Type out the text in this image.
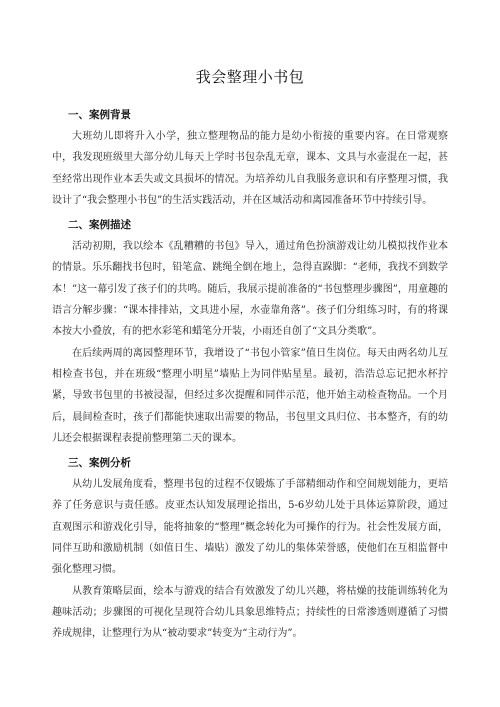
我会整理小书包
一、案例背景

大班幼儿即将升入小学，独立整理物品的能力是幼小衔接的重要内容。在日常观察中，我发现班级里大部分幼儿每天上学时书包杂乱无章，课本、文具与水壶混在一起，甚至经常出现作业本丢失或文具损坏的情况。为培养幼儿自我服务意识和有序整理习惯，我设计了“我会整理小书包”的生活实践活动，并在区域活动和离园准备环节中持续引导。

二、案例描述

活动初期，我以绘本《乱糟糟的书包》导入，通过角色扮演游戏让幼儿模拟找作业本的情景。乐乐翻找书包时，铅笔盒、跳绳全倒在地上，急得直跺脚：“老师，我找不到数学本！”这一幕引发了孩子们的共鸣。随后，我展示提前准备的“书包整理步骤图”，用童趣的语言分解步骤：“课本排排站，文具进小屋，水壶靠角落”。孩子们分组练习时，有的将课本按大小叠放，有的把水彩笔和蜡笔分开装，小雨还自创了“文具分类歌”。

在后续两周的离园整理环节，我增设了“书包小管家”值日生岗位。每天由两名幼儿互相检查书包，并在班级“整理小明星”墙贴上为同伴贴星星。最初，浩浩总忘记把水杯拧紧，导致书包里的书被浸湿，但经过多次提醒和同伴示范，他开始主动检查物品。一个月后，晨间检查时，孩子们都能快速取出需要的物品，书包里文具归位、书本整齐，有的幼儿还会根据课程表提前整理第二天的课本。

三、案例分析

从幼儿发展角度看，整理书包的过程不仅锻炼了手部精细动作和空间规划能力，更培养了任务意识与责任感。皮亚杰认知发展理论指出，5-6岁幼儿处于具体运算阶段，通过直观图示和游戏化引导，能将抽象的“整理”概念转化为可操作的行为。社会性发展方面，同伴互助和激励机制（如值日生、墙贴）激发了幼儿的集体荣誉感，使他们在互相监督中强化整理习惯。

从教育策略层面，绘本与游戏的结合有效激发了幼儿兴趣，将枯燥的技能训练转化为趣味活动；步骤图的可视化呈现符合幼儿具象思维特点；持续性的日常渗透则遵循了习惯养成规律，让整理行为从“被动要求”转变为“主动行为”。
